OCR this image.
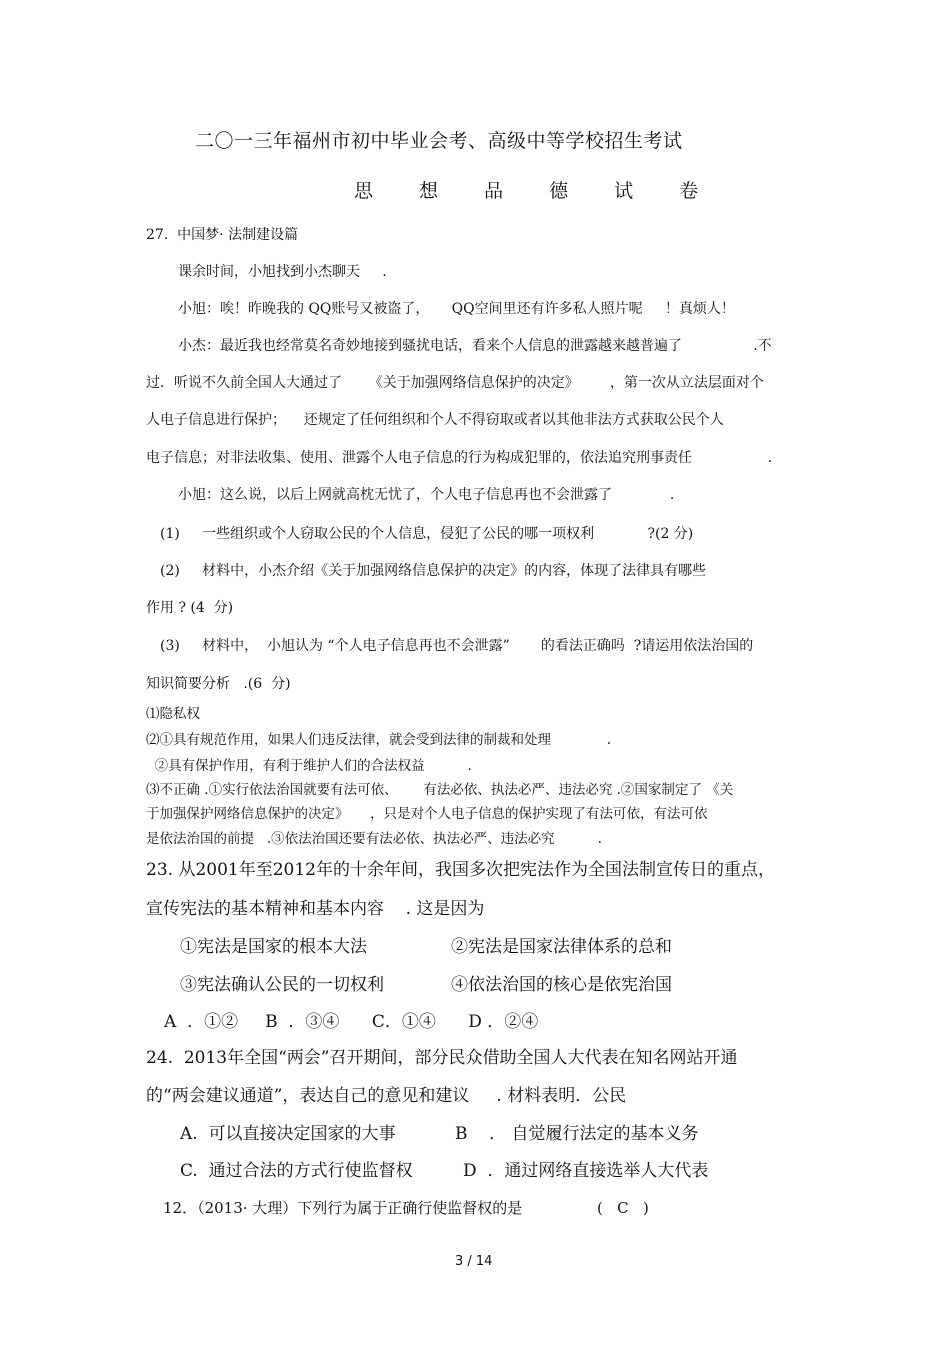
二〇一三年福州市初中毕业会考、高级中等学校招生考试
思 想 品 德 试 卷
27.  中国梦· 法制建设篇
课余时间，小旭找到小杰聊天     .
小旭：唉！昨晚我的 QQ账号又被盗了，     QQ空间里还有许多私人照片呢     ！真烦人！
小杰：最近我也经常莫名奇妙地接到骚扰电话，看来个人信息的泄露越来越普遍了                .不
过．听说不久前全国人大通过了      《关于加强网络信息保护的决定》       ，第一次从立法层面对个
人电子信息进行保护；    还规定了任何组织和个人不得窃取或者以其他非法方式获取公民个人
电子信息；对非法收集、使用、泄露个人电子信息的行为构成犯罪的，依法追究刑事责任                 .
小旭：这么说，以后上网就高枕无忧了，个人电子信息再也不会泄露了             .
(1)     一些组织或个人窃取公民的个人信息，侵犯了公民的哪一项权利            ?(2 分)
(2)     材料中，小杰介绍《关于加强网络信息保护的决定》的内容，体现了法律具有哪些
作用 ? (4  分)
(3)     材料中，  小旭认为 “个人电子信息再也不会泄露”       的看法正确吗  ?请运用依法治国的
知识简要分析   .(6  分)
⑴隐私权
⑵①具有规范作用，如果人们违反法律，就会受到法律的制裁和处理             .
②具有保护作用，有利于维护人们的合法权益          .
⑶不正确 .①实行依法治国就要有法可依、      有法必依、执法必严、违法必究 .②国家制定了 《关
于加强保护网络信息保护的决定》     ，只是对个人电子信息的保护实现了有法可依，有法可依
是依法治国的前提   .③依法治国还要有法必依、执法必严、违法必究          .
23. 从2001年至2012年的十余年间，我国多次把宪法作为全国法制宣传日的重点，
宣传宪法的基本精神和基本内容    . 这是因为
①宪法是国家的根本大法	②宪法是国家法律体系的总和
③宪法确认公民的一切权利	④依法治国的核心是依宪治国
A  ．①②     B  ．③④      C．①④      D ．②④
24.  2013年全国“两会”召开期间，部分民众借助全国人大代表在知名网站开通
的“两会建议通道”，表达自己的意见和建议     . 材料表明．公民
A.  可以直接决定国家的大事	B    ． 自觉履行法定的基本义务
C.  通过合法的方式行使监督权	D  ．通过网络直接选举人大代表
12．（2013· 大理）下列行为属于正确行使监督权的是	(   C   )
3 / 14
